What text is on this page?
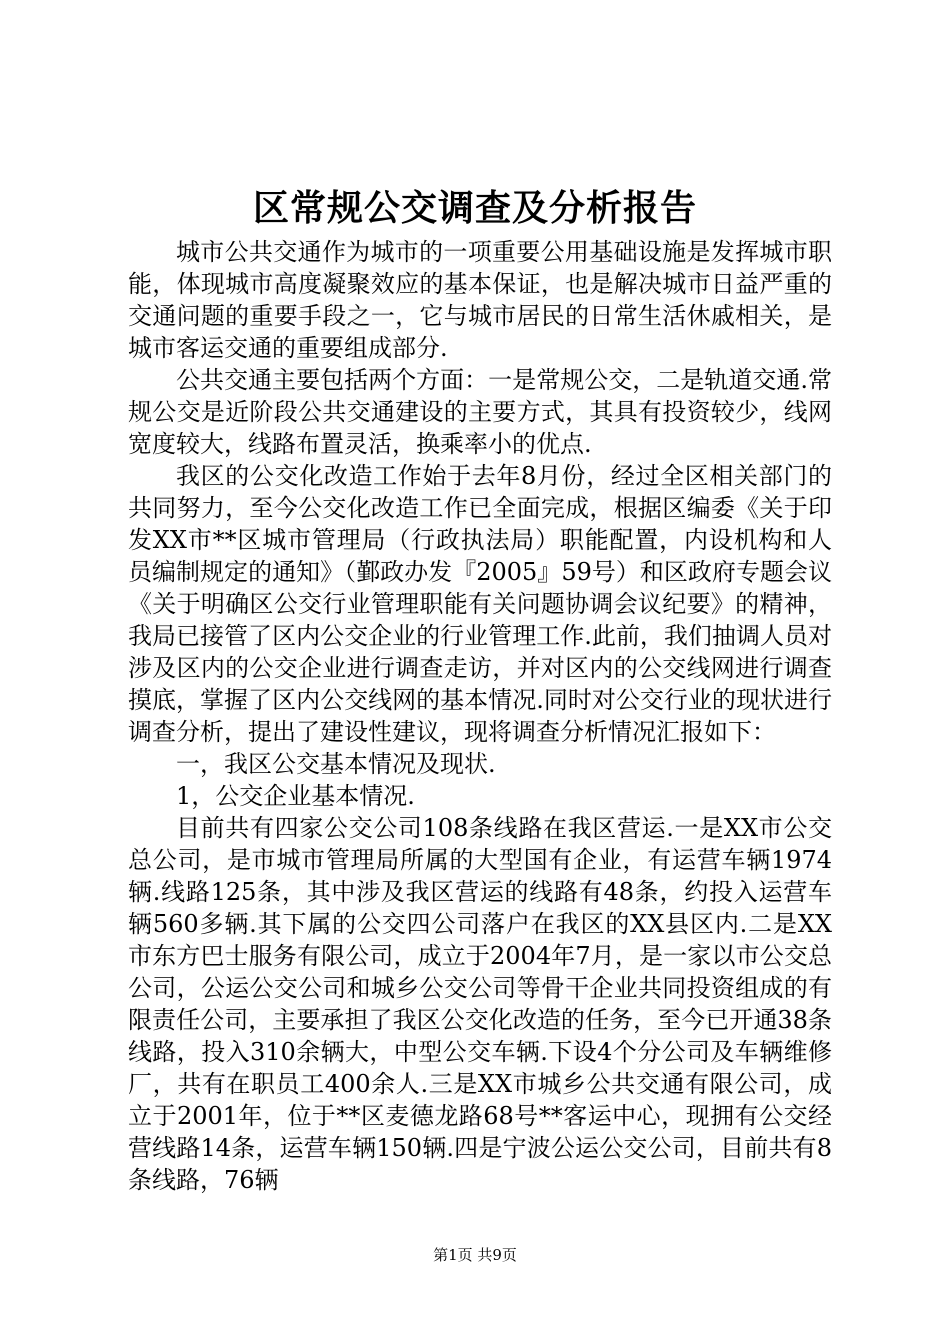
区常规公交调查及分析报告

城市公共交通作为城市的一项重要公用基础设施是发挥城市职能，体现城市高度凝聚效应的基本保证，也是解决城市日益严重的交通问题的重要手段之一，它与城市居民的日常生活休戚相关，是城市客运交通的重要组成部分.

公共交通主要包括两个方面：一是常规公交，二是轨道交通.常规公交是近阶段公共交通建设的主要方式，其具有投资较少，线网宽度较大，线路布置灵活，换乘率小的优点.

我区的公交化改造工作始于去年8月份，经过全区相关部门的共同努力，至今公交化改造工作已全面完成，根据区编委《关于印发XX市**区城市管理局（行政执法局）职能配置，内设机构和人员编制规定的通知》（鄞政办发『2005』59号）和区政府专题会议《关于明确区公交行业管理职能有关问题协调会议纪要》的精神，我局已接管了区内公交企业的行业管理工作.此前，我们抽调人员对涉及区内的公交企业进行调查走访，并对区内的公交线网进行调查摸底，掌握了区内公交线网的基本情况.同时对公交行业的现状进行调查分析，提出了建设性建议，现将调查分析情况汇报如下：

一，我区公交基本情况及现状.

1，公交企业基本情况.

目前共有四家公交公司108条线路在我区营运.一是XX市公交总公司，是市城市管理局所属的大型国有企业，有运营车辆1974辆.线路125条，其中涉及我区营运的线路有48条，约投入运营车辆560多辆.其下属的公交四公司落户在我区的XX县区内.二是XX市东方巴士服务有限公司，成立于2004年7月，是一家以市公交总公司，公运公交公司和城乡公交公司等骨干企业共同投资组成的有限责任公司，主要承担了我区公交化改造的任务，至今已开通38条线路，投入310余辆大，中型公交车辆.下设4个分公司及车辆维修厂，共有在职员工400余人.三是XX市城乡公共交通有限公司，成立于2001年，位于**区麦德龙路68号**客运中心，现拥有公交经营线路14条，运营车辆150辆.四是宁波公运公交公司，目前共有8条线路，76辆

第1页 共9页
